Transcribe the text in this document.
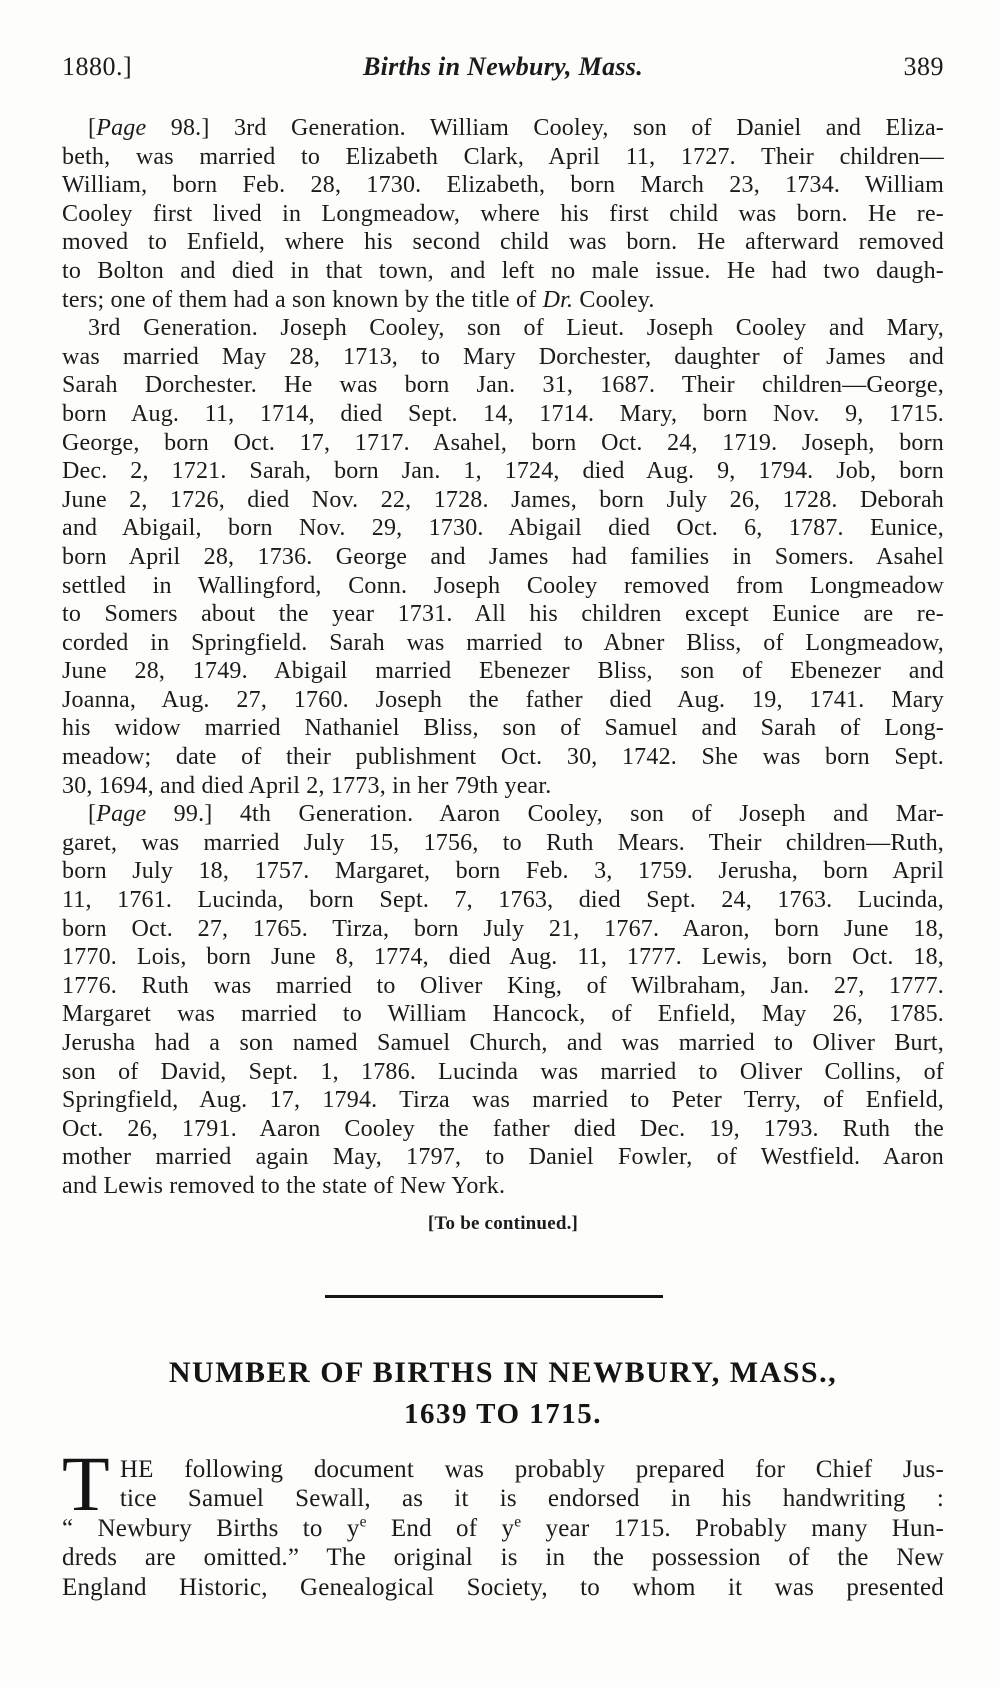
1880.]	Births in Newbury, Mass.	389
[Page 98.] 3rd Generation. William Cooley, son of Daniel and Eliza-
beth, was married to Elizabeth Clark, April 11, 1727. Their children—
William, born Feb. 28, 1730. Elizabeth, born March 23, 1734. William
Cooley first lived in Longmeadow, where his first child was born. He re-
moved to Enfield, where his second child was born. He afterward removed
to Bolton and died in that town, and left no male issue. He had two daugh-
ters; one of them had a son known by the title of Dr. Cooley.
3rd Generation. Joseph Cooley, son of Lieut. Joseph Cooley and Mary,
was married May 28, 1713, to Mary Dorchester, daughter of James and
Sarah Dorchester. He was born Jan. 31, 1687. Their children—George,
born Aug. 11, 1714, died Sept. 14, 1714. Mary, born Nov. 9, 1715.
George, born Oct. 17, 1717. Asahel, born Oct. 24, 1719. Joseph, born
Dec. 2, 1721. Sarah, born Jan. 1, 1724, died Aug. 9, 1794. Job, born
June 2, 1726, died Nov. 22, 1728. James, born July 26, 1728. Deborah
and Abigail, born Nov. 29, 1730. Abigail died Oct. 6, 1787. Eunice,
born April 28, 1736. George and James had families in Somers. Asahel
settled in Wallingford, Conn. Joseph Cooley removed from Longmeadow
to Somers about the year 1731. All his children except Eunice are re-
corded in Springfield. Sarah was married to Abner Bliss, of Longmeadow,
June 28, 1749. Abigail married Ebenezer Bliss, son of Ebenezer and
Joanna, Aug. 27, 1760. Joseph the father died Aug. 19, 1741. Mary
his widow married Nathaniel Bliss, son of Samuel and Sarah of Long-
meadow; date of their publishment Oct. 30, 1742. She was born Sept.
30, 1694, and died April 2, 1773, in her 79th year.
[Page 99.] 4th Generation. Aaron Cooley, son of Joseph and Mar-
garet, was married July 15, 1756, to Ruth Mears. Their children—Ruth,
born July 18, 1757. Margaret, born Feb. 3, 1759. Jerusha, born April
11, 1761. Lucinda, born Sept. 7, 1763, died Sept. 24, 1763. Lucinda,
born Oct. 27, 1765. Tirza, born July 21, 1767. Aaron, born June 18,
1770. Lois, born June 8, 1774, died Aug. 11, 1777. Lewis, born Oct. 18,
1776. Ruth was married to Oliver King, of Wilbraham, Jan. 27, 1777.
Margaret was married to William Hancock, of Enfield, May 26, 1785.
Jerusha had a son named Samuel Church, and was married to Oliver Burt,
son of David, Sept. 1, 1786. Lucinda was married to Oliver Collins, of
Springfield, Aug. 17, 1794. Tirza was married to Peter Terry, of Enfield,
Oct. 26, 1791. Aaron Cooley the father died Dec. 19, 1793. Ruth the
mother married again May, 1797, to Daniel Fowler, of Westfield. Aaron
and Lewis removed to the state of New York.
[To be continued.]
NUMBER OF BIRTHS IN NEWBURY, MASS.,
1639 TO 1715.
T HE following document was probably prepared for Chief Jus-
tice Samuel Sewall, as it is endorsed in his handwriting :
“ Newbury Births to $y^e$ End of $y^e$ year 1715. Probably many Hun-
dreds are omitted.” The original is in the possession of the New
England Historic, Genealogical Society, to whom it was presented
